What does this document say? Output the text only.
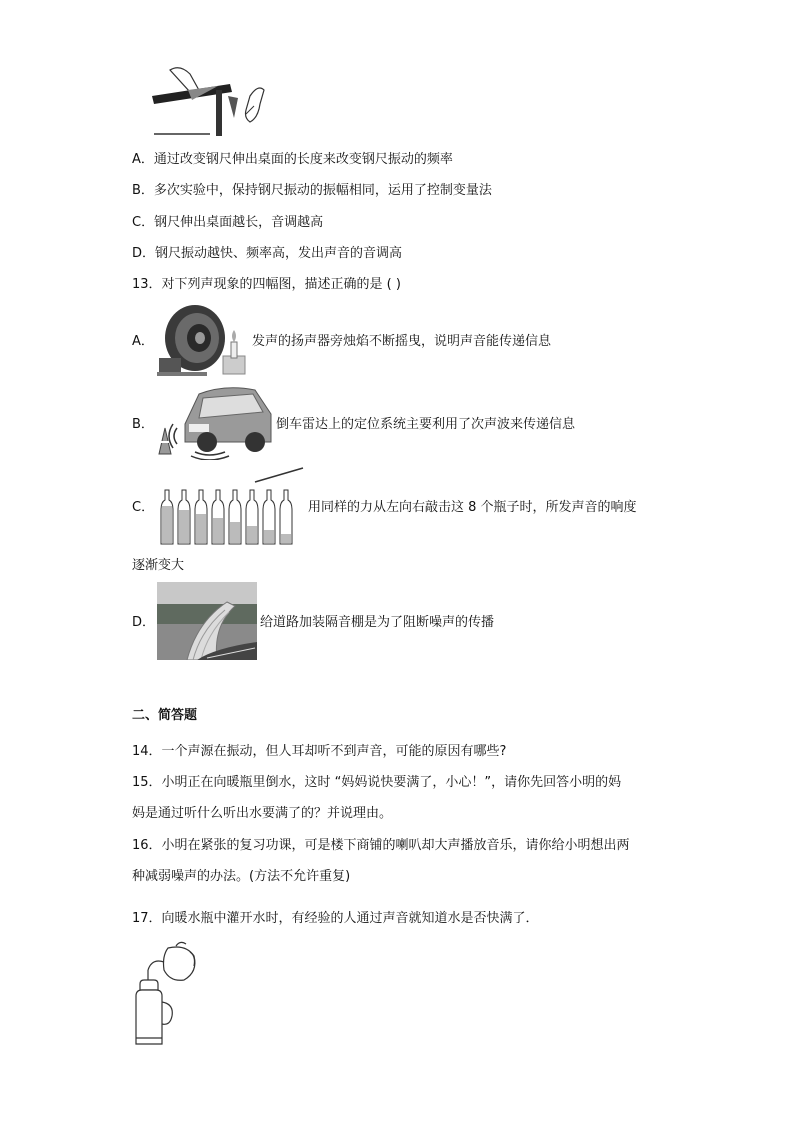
A．通过改变钢尺伸出桌面的长度来改变钢尺振动的频率
B．多次实验中，保持钢尺振动的振幅相同，运用了控制变量法
C．钢尺伸出桌面越长，音调越高
D．钢尺振动越快、频率高，发出声音的音调高
13．对下列声现象的四幅图，描述正确的是 ( )
A．	发声的扬声器旁烛焰不断摇曳，说明声音能传递信息
B．	倒车雷达上的定位系统主要利用了次声波来传递信息
C．	用同样的力从左向右敲击这 8 个瓶子时，所发声音的响度
逐渐变大
D．	给道路加装隔音棚是为了阻断噪声的传播
二、简答题
14．一个声源在振动，但人耳却听不到声音，可能的原因有哪些?
15．小明正在向暖瓶里倒水，这时 “妈妈说快要满了，小心！”，请你先回答小明的妈
妈是通过听什么听出水要满了的？并说理由。
16．小明在紧张的复习功课，可是楼下商铺的喇叭却大声播放音乐，请你给小明想出两
种减弱噪声的办法。(方法不允许重复)
17．向暖水瓶中灌开水时，有经验的人通过声音就知道水是否快满了．
